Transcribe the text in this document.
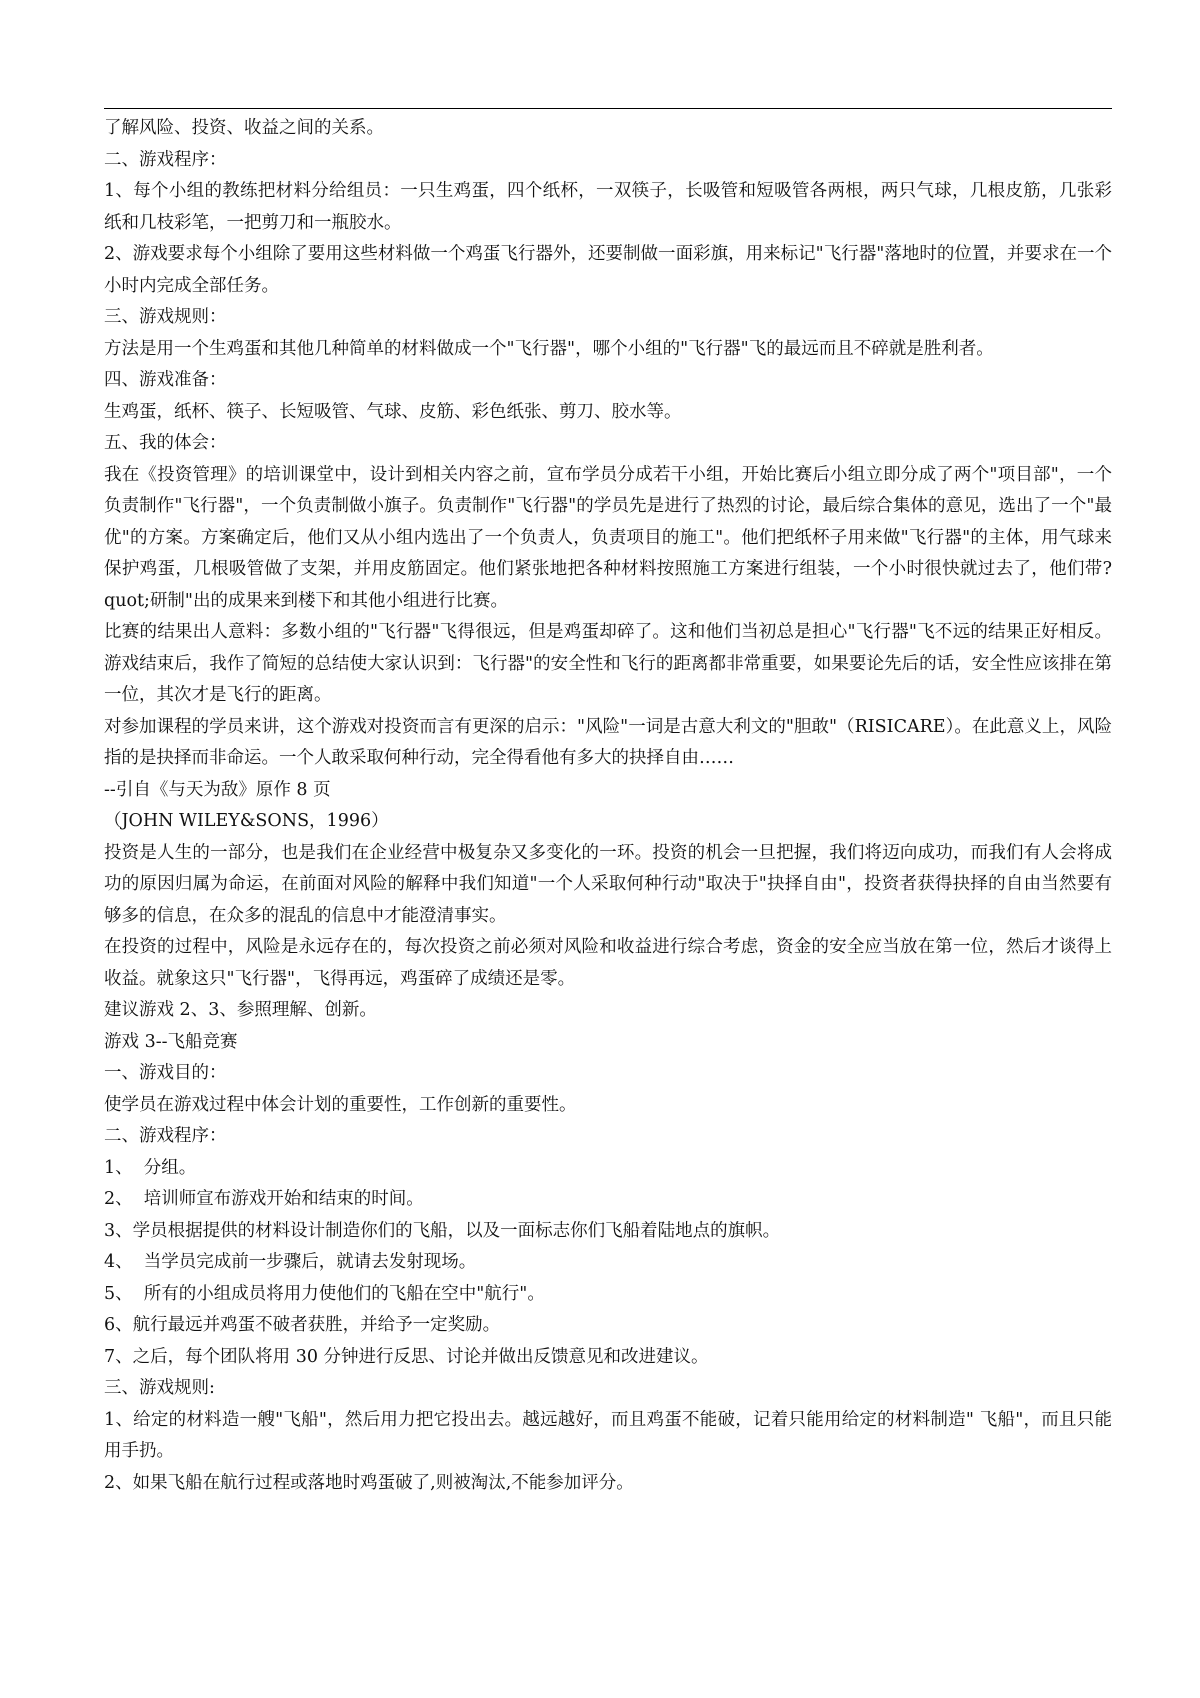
了解风险、投资、收益之间的关系。

二、游戏程序：

1、每个小组的教练把材料分给组员：一只生鸡蛋，四个纸杯，一双筷子，长吸管和短吸管各两根，两只气球，几根皮筋，几张彩纸和几枝彩笔，一把剪刀和一瓶胶水。

2、游戏要求每个小组除了要用这些材料做一个鸡蛋飞行器外，还要制做一面彩旗，用来标记"飞行器"落地时的位置，并要求在一个小时内完成全部任务。

三、游戏规则：

方法是用一个生鸡蛋和其他几种简单的材料做成一个"飞行器"，哪个小组的"飞行器"飞的最远而且不碎就是胜利者。

四、游戏准备：

生鸡蛋，纸杯、筷子、长短吸管、气球、皮筋、彩色纸张、剪刀、胶水等。

五、我的体会：

我在《投资管理》的培训课堂中，设计到相关内容之前，宣布学员分成若干小组，开始比赛后小组立即分成了两个"项目部"，一个负责制作"飞行器"，一个负责制做小旗子。负责制作"飞行器"的学员先是进行了热烈的讨论，最后综合集体的意见，选出了一个"最优"的方案。方案确定后，他们又从小组内选出了一个负责人，负责项目的施工"。他们把纸杯子用来做"飞行器"的主体，用气球来保护鸡蛋，几根吸管做了支架，并用皮筋固定。他们紧张地把各种材料按照施工方案进行组装，一个小时很快就过去了，他们带?quot;研制"出的成果来到楼下和其他小组进行比赛。

比赛的结果出人意料：多数小组的"飞行器"飞得很远，但是鸡蛋却碎了。这和他们当初总是担心"飞行器"飞不远的结果正好相反。游戏结束后，我作了简短的总结使大家认识到：飞行器"的安全性和飞行的距离都非常重要，如果要论先后的话，安全性应该排在第一位，其次才是飞行的距离。

对参加课程的学员来讲，这个游戏对投资而言有更深的启示："风险"一词是古意大利文的"胆敢"（RISICARE）。在此意义上，风险指的是抉择而非命运。一个人敢采取何种行动，完全得看他有多大的抉择自由……

--引自《与天为敌》原作 8 页

（JOHN WILEY&SONS，1996）

投资是人生的一部分，也是我们在企业经营中极复杂又多变化的一环。投资的机会一旦把握，我们将迈向成功，而我们有人会将成功的原因归属为命运，在前面对风险的解释中我们知道"一个人采取何种行动"取决于"抉择自由"，投资者获得抉择的自由当然要有够多的信息，在众多的混乱的信息中才能澄清事实。

在投资的过程中，风险是永远存在的，每次投资之前必须对风险和收益进行综合考虑，资金的安全应当放在第一位，然后才谈得上收益。就象这只"飞行器"，飞得再远，鸡蛋碎了成绩还是零。

建议游戏 2、3、参照理解、创新。

游戏 3--飞船竞赛

一、游戏目的：

使学员在游戏过程中体会计划的重要性，工作创新的重要性。

二、游戏程序：

1、  分组。

2、  培训师宣布游戏开始和结束的时间。

3、学员根据提供的材料设计制造你们的飞船，以及一面标志你们飞船着陆地点的旗帜。

4、  当学员完成前一步骤后，就请去发射现场。

5、  所有的小组成员将用力使他们的飞船在空中"航行"。

6、航行最远并鸡蛋不破者获胜，并给予一定奖励。

7、之后，每个团队将用 30 分钟进行反思、讨论并做出反馈意见和改进建议。

三、游戏规则:

1、给定的材料造一艘"飞船"，然后用力把它投出去。越远越好，而且鸡蛋不能破，记着只能用给定的材料制造" 飞船"，而且只能用手扔。

2、如果飞船在航行过程或落地时鸡蛋破了,则被淘汰,不能参加评分。
